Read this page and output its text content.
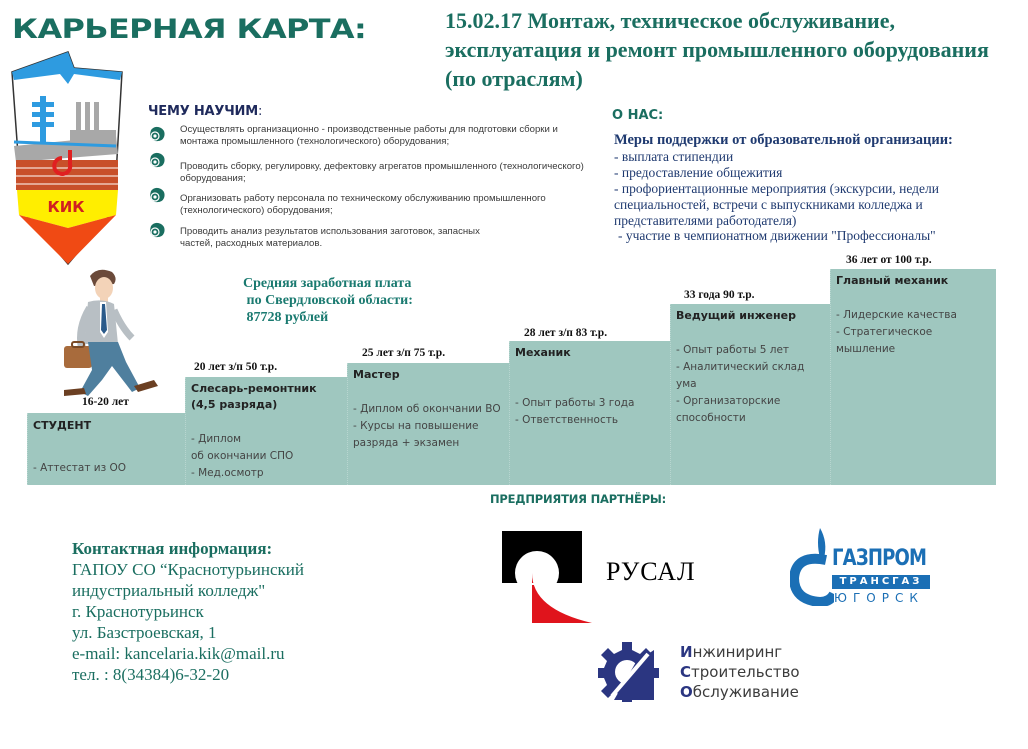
КАРЬЕРНАЯ КАРТА:	15.02.17 Монтаж, техническое обслуживание, эксплуатация и ремонт промышленного оборудования (по отраслям)
КИК
ЧЕМУ НАУЧИМ:
Осуществлять организационно - производственные работы для подготовки сборки и монтажа промышленного (технологического) оборудования;
Проводить сборку, регулировку, дефектовку агрегатов промышленного (технологического) оборудования;
Организовать работу персонала по техническому обслуживанию промышленного (технологического) оборудования;
Проводить анализ результатов использования заготовок, запасных частей, расходных материалов.
О НАС:
Меры поддержки от образовательной организации:
- выплата стипендии
- предоставление общежития
- профориентационные мероприятия (экскурсии, недели специальностей, встречи с выпускниками колледжа и представителями работодателя)
- участие в чемпионатном движении "Профессионалы"
Средняя заработная плата
по Свердловской области:
87728 рублей
16-20 лет
СТУДЕНТ
- Аттестат из ОО
20 лет з/п 50 т.р.
Слесарь-ремонтник (4,5 разряда)
- Диплом
об окончании СПО
- Мед.осмотр
25 лет з/п 75 т.р.
Мастер
- Диплом об окончании ВО
- Курсы на повышение разряда + экзамен
28 лет з/п 83 т.р.
Механик
- Опыт работы 3 года
- Ответственность
33 года 90 т.р.
Ведущий инженер
- Опыт работы 5 лет
- Аналитический склад ума
- Организаторские способности
36 лет от 100 т.р.
Главный механик
- Лидерские качества
- Стратегическое мышление
Контактная информация:
ГАПОУ СО “Краснотурьинский
индустриальный колледж"
г. Краснотурьинск
ул. Базстроевская, 1
e-mail: kancelaria.kik@mail.ru
тел. : 8(34384)6-32-20
ПРЕДПРИЯТИЯ ПАРТНЁРЫ:
РУСАЛ	ГАЗПРОМ
ТРАНСГАЗ
ЮГОРСК
Инжиниринг
Строительство
Обслуживание
